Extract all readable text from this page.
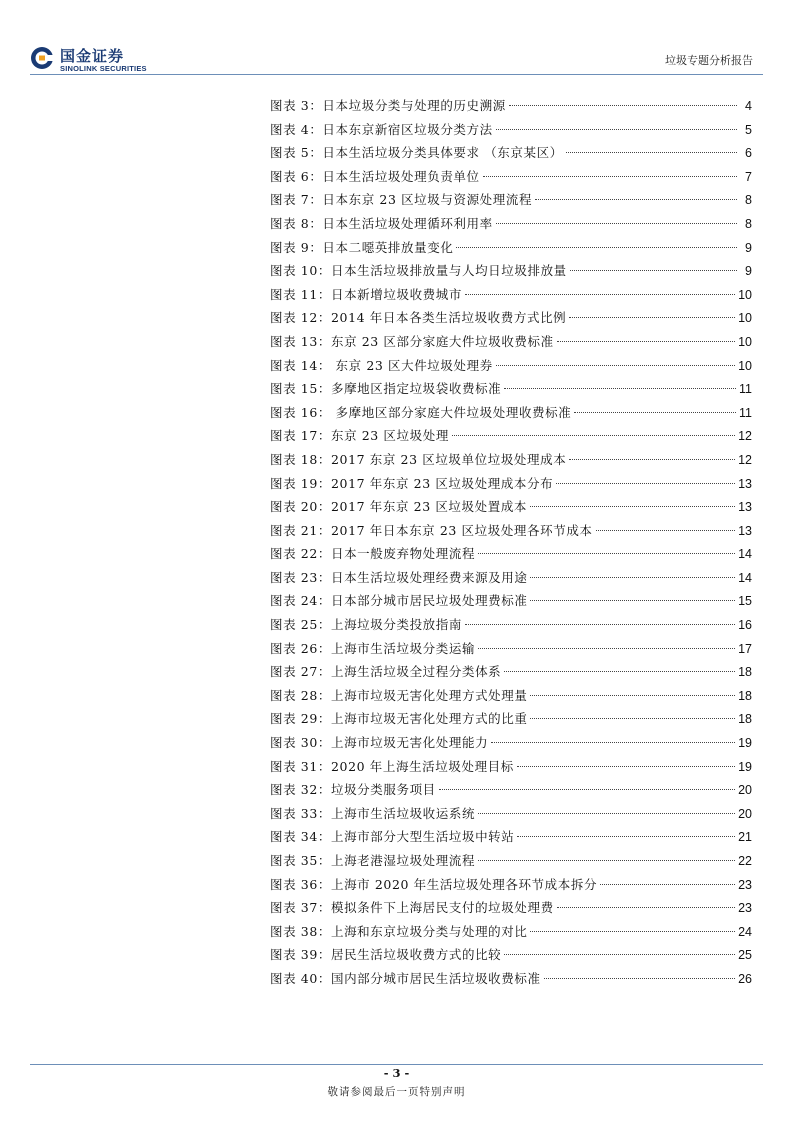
国金证券
SINOLINK SECURITIES
垃圾专题分析报告
图表 3：日本垃圾分类与处理的历史溯源	4
图表 4：日本东京新宿区垃圾分类方法	5
图表 5：日本生活垃圾分类具体要求 （东京某区）	6
图表 6：日本生活垃圾处理负责单位	7
图表 7：日本东京 23 区垃圾与资源处理流程	8
图表 8：日本生活垃圾处理循环利用率	8
图表 9：日本二噁英排放量变化	9
图表 10：日本生活垃圾排放量与人均日垃圾排放量	9
图表 11：日本新增垃圾收费城市	10
图表 12：2014 年日本各类生活垃圾收费方式比例	10
图表 13：东京 23 区部分家庭大件垃圾收费标准	10
图表 14： 东京 23 区大件垃圾处理券	10
图表 15：多摩地区指定垃圾袋收费标准	11
图表 16： 多摩地区部分家庭大件垃圾处理收费标准	11
图表 17：东京 23 区垃圾处理	12
图表 18：2017 东京 23 区垃圾单位垃圾处理成本	12
图表 19：2017 年东京 23 区垃圾处理成本分布	13
图表 20：2017 年东京 23 区垃圾处置成本	13
图表 21：2017 年日本东京 23 区垃圾处理各环节成本	13
图表 22：日本一般废弃物处理流程	14
图表 23：日本生活垃圾处理经费来源及用途	14
图表 24：日本部分城市居民垃圾处理费标准	15
图表 25：上海垃圾分类投放指南	16
图表 26：上海市生活垃圾分类运输	17
图表 27：上海生活垃圾全过程分类体系	18
图表 28：上海市垃圾无害化处理方式处理量	18
图表 29：上海市垃圾无害化处理方式的比重	18
图表 30：上海市垃圾无害化处理能力	19
图表 31：2020 年上海生活垃圾处理目标	19
图表 32：垃圾分类服务项目	20
图表 33：上海市生活垃圾收运系统	20
图表 34：上海市部分大型生活垃圾中转站	21
图表 35：上海老港湿垃圾处理流程	22
图表 36：上海市 2020 年生活垃圾处理各环节成本拆分	23
图表 37：模拟条件下上海居民支付的垃圾处理费	23
图表 38：上海和东京垃圾分类与处理的对比	24
图表 39：居民生活垃圾收费方式的比较	25
图表 40：国内部分城市居民生活垃圾收费标准	26
- 3 -
敬请参阅最后一页特别声明
